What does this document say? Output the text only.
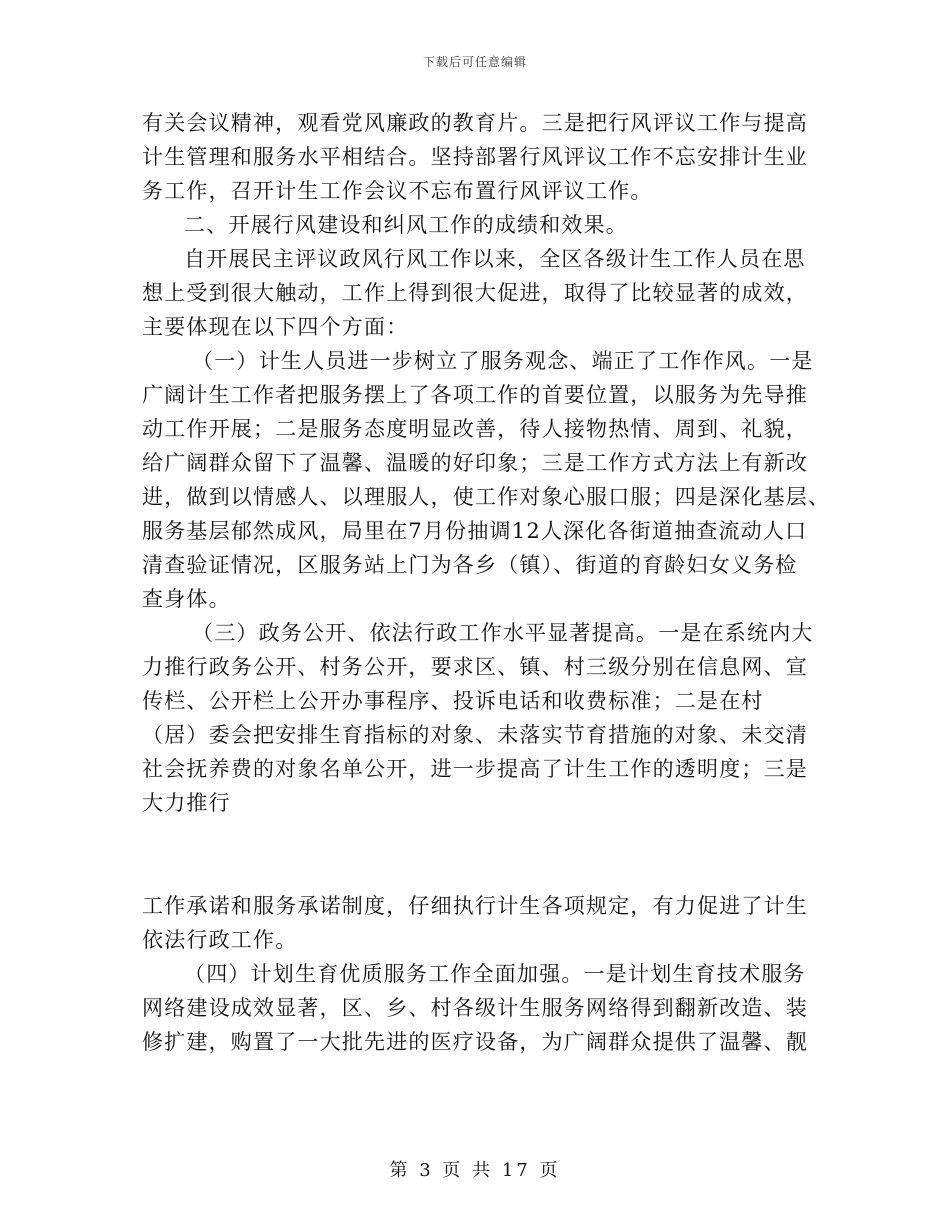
下载后可任意编辑
有关会议精神，观看党风廉政的教育片。三是把行风评议工作与提高
计生管理和服务水平相结合。坚持部署行风评议工作不忘安排计生业
务工作，召开计生工作会议不忘布置行风评议工作。
二、开展行风建设和纠风工作的成绩和效果。
自开展民主评议政风行风工作以来，全区各级计生工作人员在思
想上受到很大触动，工作上得到很大促进，取得了比较显著的成效，
主要体现在以下四个方面：
（一）计生人员进一步树立了服务观念、端正了工作作风。一是
广阔计生工作者把服务摆上了各项工作的首要位置，以服务为先导推
动工作开展；二是服务态度明显改善，待人接物热情、周到、礼貌，
给广阔群众留下了温馨、温暖的好印象；三是工作方式方法上有新改
进，做到以情感人、以理服人，使工作对象心服口服；四是深化基层、
服务基层郁然成风，局里在7月份抽调12人深化各街道抽查流动人口
清查验证情况，区服务站上门为各乡（镇）、街道的育龄妇女义务检
查身体。
（三）政务公开、依法行政工作水平显著提高。一是在系统内大
力推行政务公开、村务公开，要求区、镇、村三级分别在信息网、宣
传栏、公开栏上公开办事程序、投诉电话和收费标准；二是在村
（居）委会把安排生育指标的对象、未落实节育措施的对象、未交清
社会抚养费的对象名单公开，进一步提高了计生工作的透明度；三是
大力推行
工作承诺和服务承诺制度，仔细执行计生各项规定，有力促进了计生
依法行政工作。
（四）计划生育优质服务工作全面加强。一是计划生育技术服务
网络建设成效显著，区、乡、村各级计生服务网络得到翻新改造、装
修扩建，购置了一大批先进的医疗设备，为广阔群众提供了温馨、靓
第 3 页 共 17 页
